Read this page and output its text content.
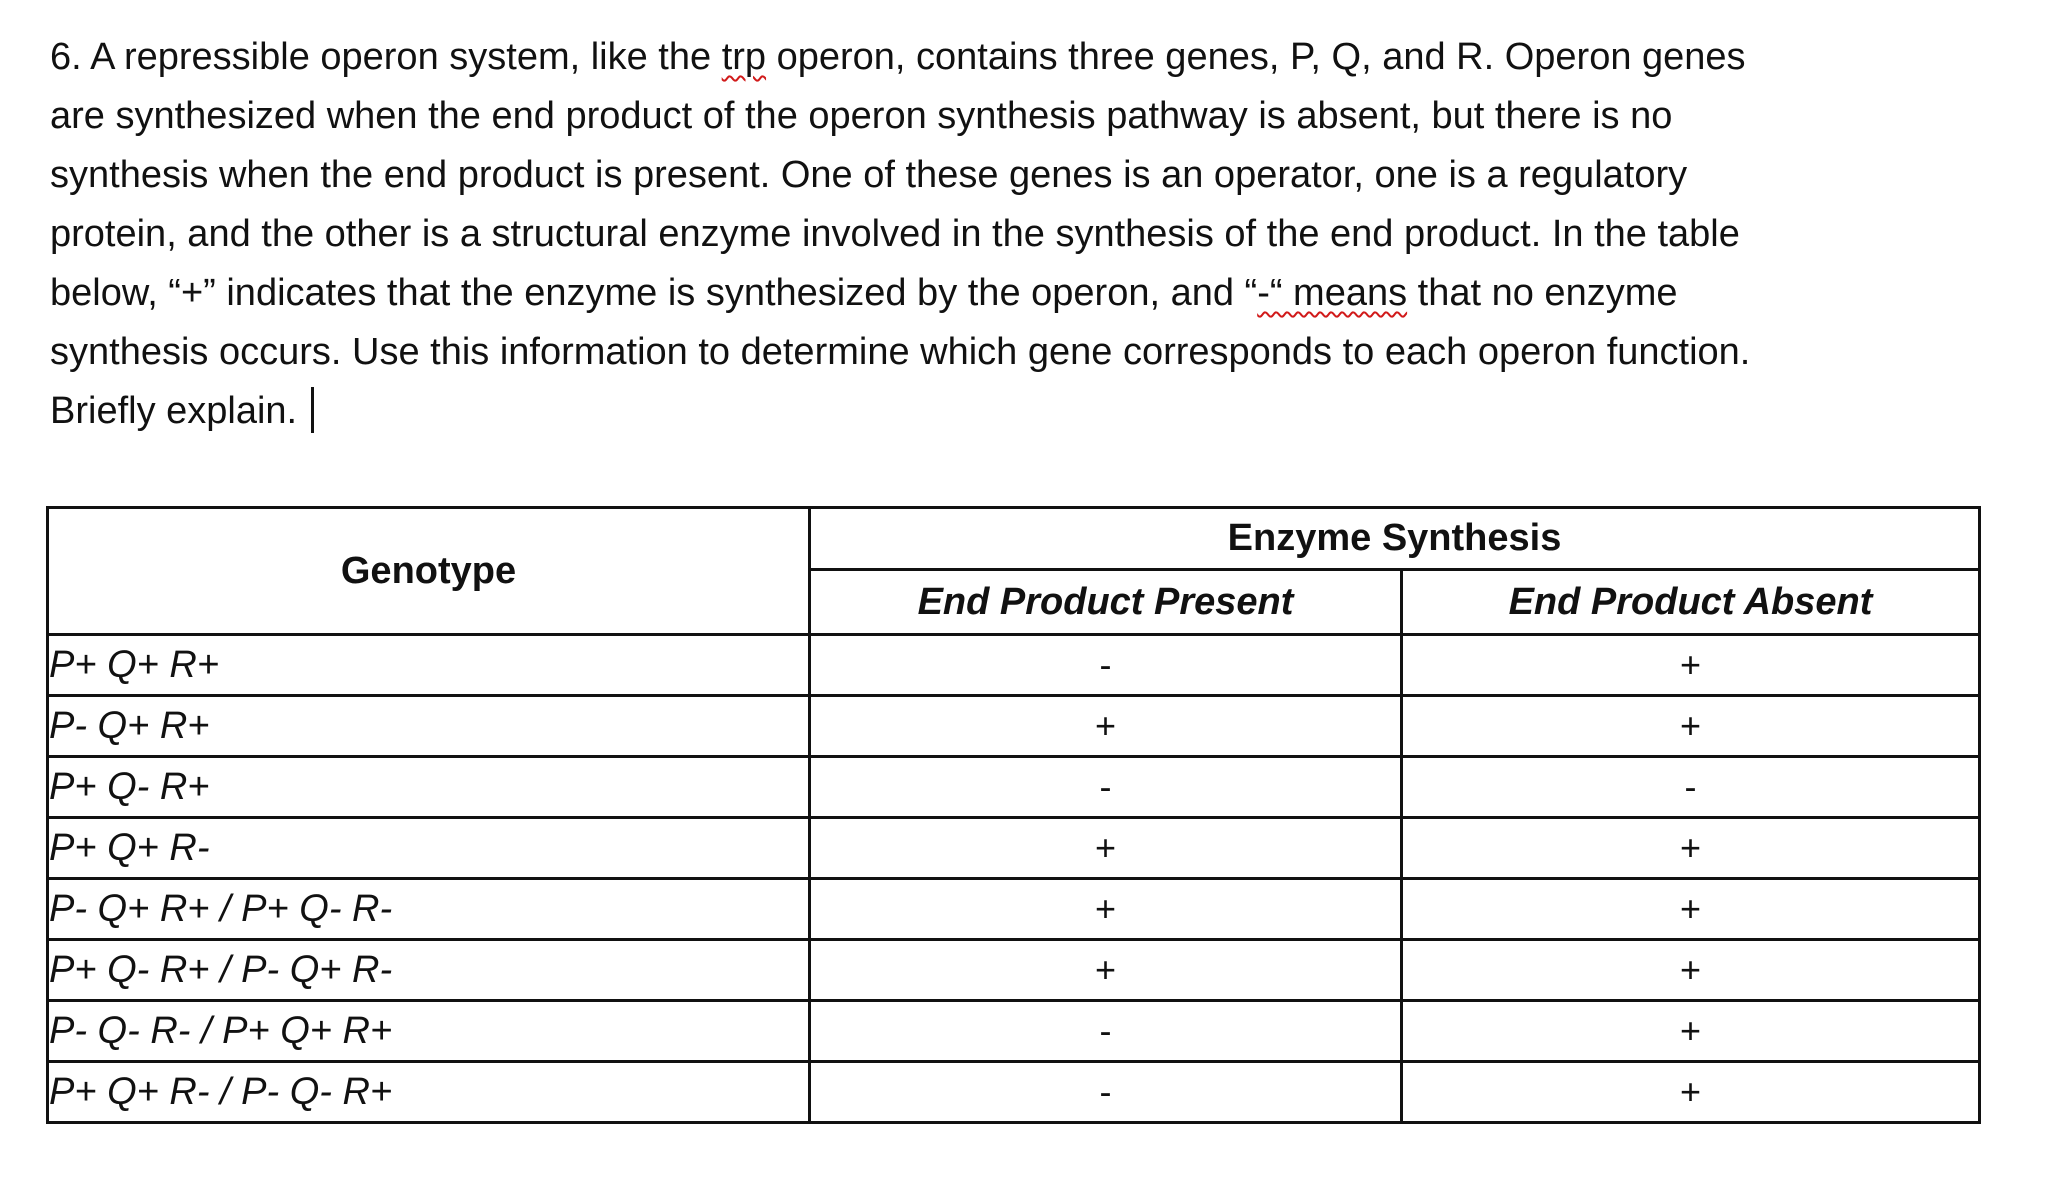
6. A repressible operon system, like the trp operon, contains three genes, P, Q, and R. Operon genes
are synthesized when the end product of the operon synthesis pathway is absent, but there is no
synthesis when the end product is present. One of these genes is an operator, one is a regulatory
protein, and the other is a structural enzyme involved in the synthesis of the end product. In the table
below, “+” indicates that the enzyme is synthesized by the operon, and “-“ means that no enzyme
synthesis occurs. Use this information to determine which gene corresponds to each operon function.
Briefly explain.
Genotype	Enzyme Synthesis	
	End Product Present	End Product Absent
P+ Q+ R+	-	+
P- Q+ R+	+	+
P+ Q- R+	-	-
P+ Q+ R-	+	+
P- Q+ R+ / P+ Q- R-	+	+
P+ Q- R+ / P- Q+ R-	+	+
P- Q- R- / P+ Q+ R+	-	+
P+ Q+ R- / P- Q- R+	-	+
